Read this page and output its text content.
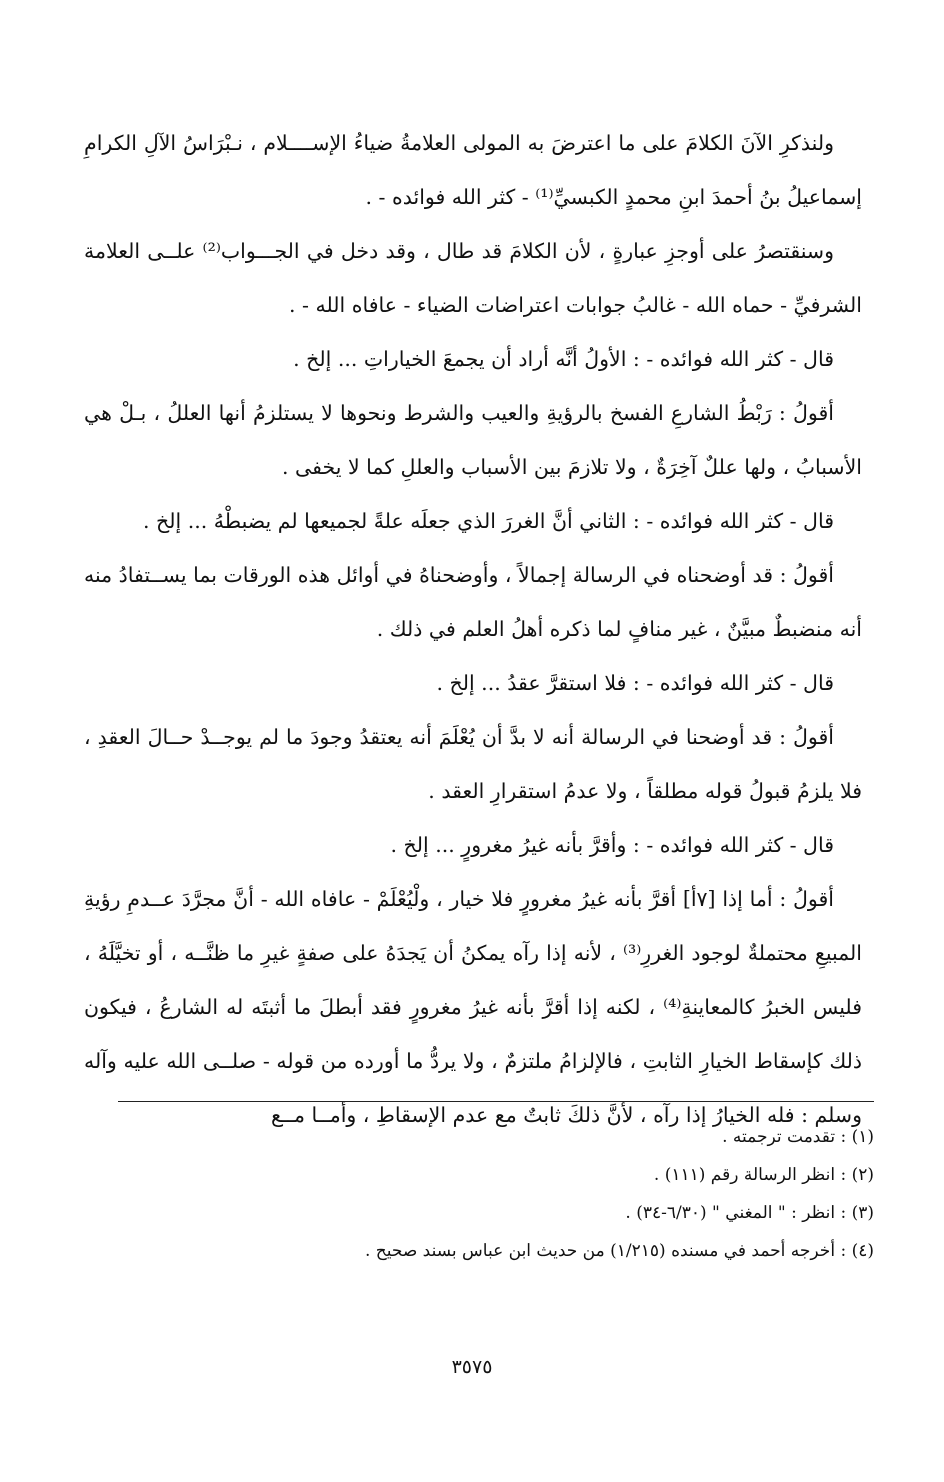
ولنذكرِ الآنَ الكلامَ على ما اعترضَ به المولى العلامةُ ضياءُ الإســــلام ، نـبْرَاسُ الآلِ الكرامِ إسماعيلُ بنُ أحمدَ ابنِ محمدٍ الكبسيِّ⁽¹⁾ - كثر الله فوائده - .

وسنقتصرُ على أوجزِ عبارةٍ ، لأن الكلامَ قد طال ، وقد دخل في الجـــواب⁽²⁾ علــى العلامة الشرفيِّ - حماه الله - غالبُ جوابات اعتراضات الضياء - عافاه الله - .

قال - كثر الله فوائده - : الأولُ أنَّه أراد أن يجمعَ الخياراتِ ... إلخ .

أقولُ : رَبْطُ الشارعِ الفسخ بالرؤيةِ والعيب والشرط ونحوها لا يستلزمُ أنها العللُ ، بـلْ هي الأسبابُ ، ولها عللٌ آخِرَةٌ ، ولا تلازمَ بين الأسباب والعللِ كما لا يخفى .

قال - كثر الله فوائده - : الثاني أنَّ الغررَ الذي جعلَه علةً لجميعها لم يضبطْهُ ... إلخ .

أقولُ : قد أوضحناه في الرسالة إجمالاً ، وأوضحناهُ في أوائل هذه الورقات بما يســتفادُ منه أنه منضبطٌ مبيَّنٌ ، غير منافٍ لما ذكره أهلُ العلم في ذلك .

قال - كثر الله فوائده - : فلا استقرَّ عقدُ ... إلخ .

أقولُ : قد أوضحنا في الرسالة أنه لا بدَّ أن يُعْلَمَ أنه يعتقدُ وجودَ ما لم يوجــدْ حــالَ العقدِ ، فلا يلزمُ قبولُ قوله مطلقاً ، ولا عدمُ استقرارِ العقد .

قال - كثر الله فوائده - : وأقرَّ بأنه غيرُ مغرورٍ ... إلخ .

أقولُ : أما إذا [٧أ] أقرَّ بأنه غيرُ مغرورٍ فلا خيار ، ولْيُعْلَمْ - عافاه الله - أنَّ مجرَّدَ عــدمِ رؤيةِ المبيعِ محتملةٌ لوجود الغررِ⁽³⁾ ، لأنه إذا رآه يمكنُ أن يَجدَهُ على صفةٍ غيرِ ما ظنَّــه ، أو تخيَّلَهُ ، فليس الخبرُ كالمعاينةِ⁽⁴⁾ ، لكنه إذا أقرَّ بأنه غيرُ مغرورٍ فقد أبطلَ ما أثبتَه له الشارعُ ، فيكون ذلك كإسقاط الخيارِ الثابتِ ، فالإلزامُ ملتزمٌ ، ولا يردُّ ما أورده من قوله - صلــى الله عليه وآله وسلم : فله الخيارُ إذا رآه ، لأنَّ ذلكَ ثابتٌ مع عدم الإسقاطِ ، وأمــا مــع

(١) : تقدمت ترجمته .

(٢) : انظر الرسالة رقم (١١١) .

(٣) : انظر : " المغني " (٦/٣٠-٣٤) .

(٤) : أخرجه أحمد في مسنده (١/٢١٥) من حديث ابن عباس بسند صحيح .

٣٥٧٥
